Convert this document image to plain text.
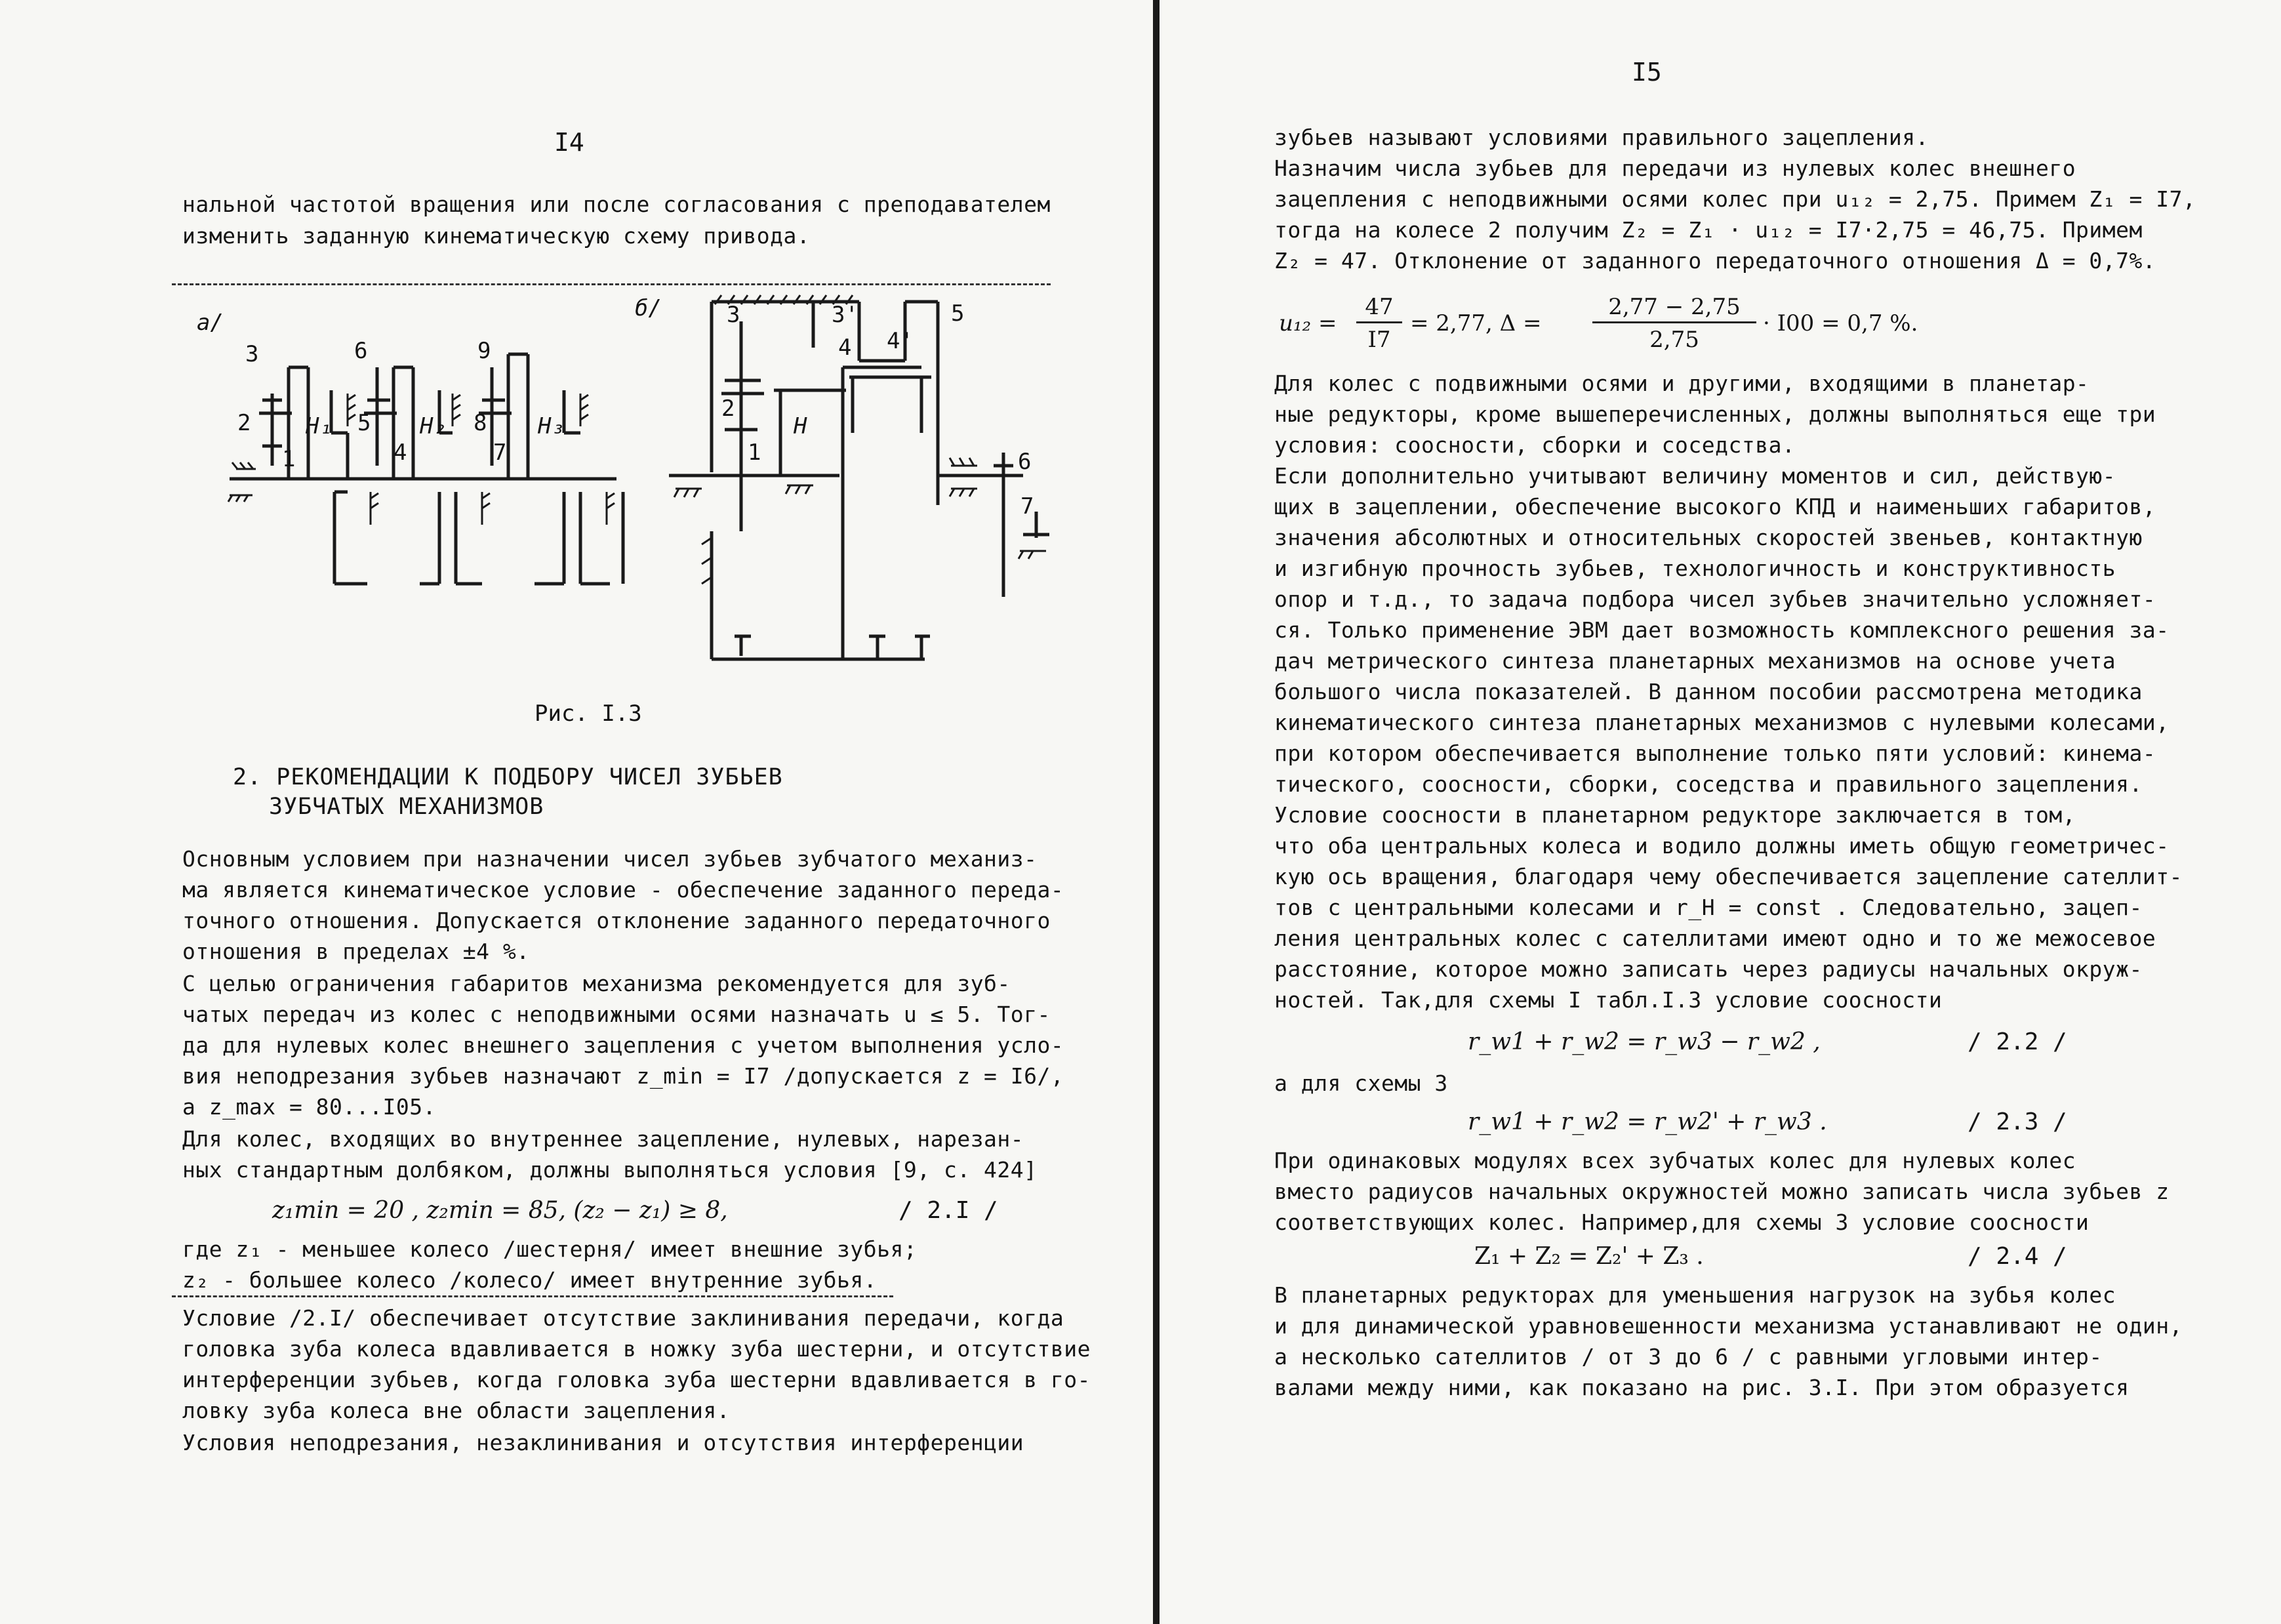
I4
нальной частотой вращения или после согласования с преподавателем
изменить заданную кинематическую схему привода.
а/
3
2
1
H₁
6
5
4
H₂
9
8
7
H₃
б/	3
2
1
H
3'
4 4'
5
6
7
Рис. I.3
2. РЕКОМЕНДАЦИИ К ПОДБОРУ ЧИСЕЛ ЗУБЬЕВ
ЗУБЧАТЫХ МЕХАНИЗМОВ
Основным условием при назначении чисел зубьев зубчатого механиз-
ма является кинематическое условие - обеспечение заданного переда-
точного отношения. Допускается отклонение заданного передаточного
отношения в пределах ±4 %.
С целью ограничения габаритов механизма рекомендуется для зуб-
чатых передач из колес с неподвижными осями назначать u ≤ 5. Тог-
да для нулевых колес внешнего зацепления с учетом выполнения усло-
вия неподрезания зубьев назначают z_min = I7 /допускается z = I6/,
а z_max = 80...I05.
Для колес, входящих во внутреннее зацепление, нулевых, нарезан-
ных стандартным долбяком, должны выполняться условия [9, с. 424]
z₁min = 20 , z₂min = 85, (z₂ − z₁) ≥ 8,	/ 2.I /
где z₁ - меньшее колесо /шестерня/ имеет внешние зубья;
z₂ - большее колесо /колесо/ имеет внутренние зубья.
Условие /2.I/ обеспечивает отсутствие заклинивания передачи, когда
головка зуба колеса вдавливается в ножку зуба шестерни, и отсутствие
интерференции зубьев, когда головка зуба шестерни вдавливается в го-
ловку зуба колеса вне области зацепления.
Условия неподрезания, незаклинивания и отсутствия интерференции
I5
зубьев называют условиями правильного зацепления.
Назначим числа зубьев для передачи из нулевых колес внешнего
зацепления с неподвижными осями колес при u₁₂ = 2,75. Примем Z₁ = I7,
тогда на колесе 2 получим Z₂ = Z₁ · u₁₂ = I7·2,75 = 46,75. Примем
Z₂ = 47. Отклонение от заданного передаточного отношения Δ = 0,7%.
u₁₂ =
47
I7
= 2,77, Δ =
2,77 − 2,75
2,75
· I00 = 0,7 %.
Для колес с подвижными осями и другими, входящими в планетар-
ные редукторы, кроме вышеперечисленных, должны выполняться еще три
условия: соосности, сборки и соседства.
Если дополнительно учитывают величину моментов и сил, действую-
щих в зацеплении, обеспечение высокого КПД и наименьших габаритов,
значения абсолютных и относительных скоростей звеньев, контактную
и изгибную прочность зубьев, технологичность и конструктивность
опор и т.д., то задача подбора чисел зубьев значительно усложняет-
ся. Только применение ЭВМ дает возможность комплексного решения за-
дач метрического синтеза планетарных механизмов на основе учета
большого числа показателей. В данном пособии рассмотрена методика
кинематического синтеза планетарных механизмов с нулевыми колесами,
при котором обеспечивается выполнение только пяти условий: кинема-
тического, соосности, сборки, соседства и правильного зацепления.
Условие соосности в планетарном редукторе заключается в том,
что оба центральных колеса и водило должны иметь общую геометричес-
кую ось вращения, благодаря чему обеспечивается зацепление сателлит-
тов с центральными колесами и r_H = const . Следовательно, зацеп-
ления центральных колес с сателлитами имеют одно и то же межосевое
расстояние, которое можно записать через радиусы начальных окруж-
ностей. Так,для схемы I табл.I.3 условие соосности
r_w1 + r_w2 = r_w3 − r_w2 ,	/ 2.2 /
а для схемы 3
r_w1 + r_w2 = r_w2' + r_w3 .	/ 2.3 /
При одинаковых модулях всех зубчатых колес для нулевых колес
вместо радиусов начальных окружностей можно записать числа зубьев z
соответствующих колес. Например,для схемы 3 условие соосности
Z₁ + Z₂ = Z₂' + Z₃ .	/ 2.4 /
В планетарных редукторах для уменьшения нагрузок на зубья колес
и для динамической уравновешенности механизма устанавливают не один,
а несколько сателлитов / от 3 до 6 / с равными угловыми интер-
валами между ними, как показано на рис. 3.I. При этом образуется
